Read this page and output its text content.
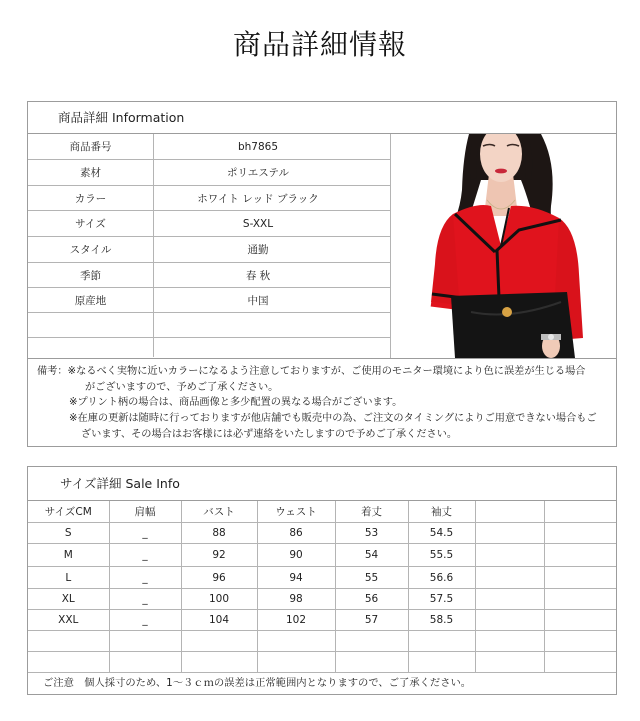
商品詳細情報
商品詳細 Information
商品番号	bh7865
素材	ポリエステル
カラー	ホワイト レッド ブラック
サイズ	S-XXL
スタイル	通勤
季節	春 秋
原産地	中国
備考：※なるべく実物に近いカラーになるよう注意しておりますが、ご使用のモニター環境により色に誤差が生じる場合
がございますので、予めご了承ください。
※プリント柄の場合は、商品画像と多少配置の異なる場合がございます。
※在庫の更新は随時に行っておりますが他店舗でも販売中の為、ご注文のタイミングによりご用意できない場合もご
ざいます、その場合はお客様には必ず連絡をいたしますので予めご了承ください。
サイズ詳細 Sale Info
サイズCM	肩幅	バスト	ウェスト	着丈	袖丈		
S	_	88	86	53	54.5		
M	_	92	90	54	55.5		
L	_	96	94	55	56.6		
XL	_	100	98	56	57.5		
XXL	_	104	102	57	58.5		

ご注意　個人採寸のため、1～３ｃｍの誤差は正常範囲内となりますので、ご了承ください。
